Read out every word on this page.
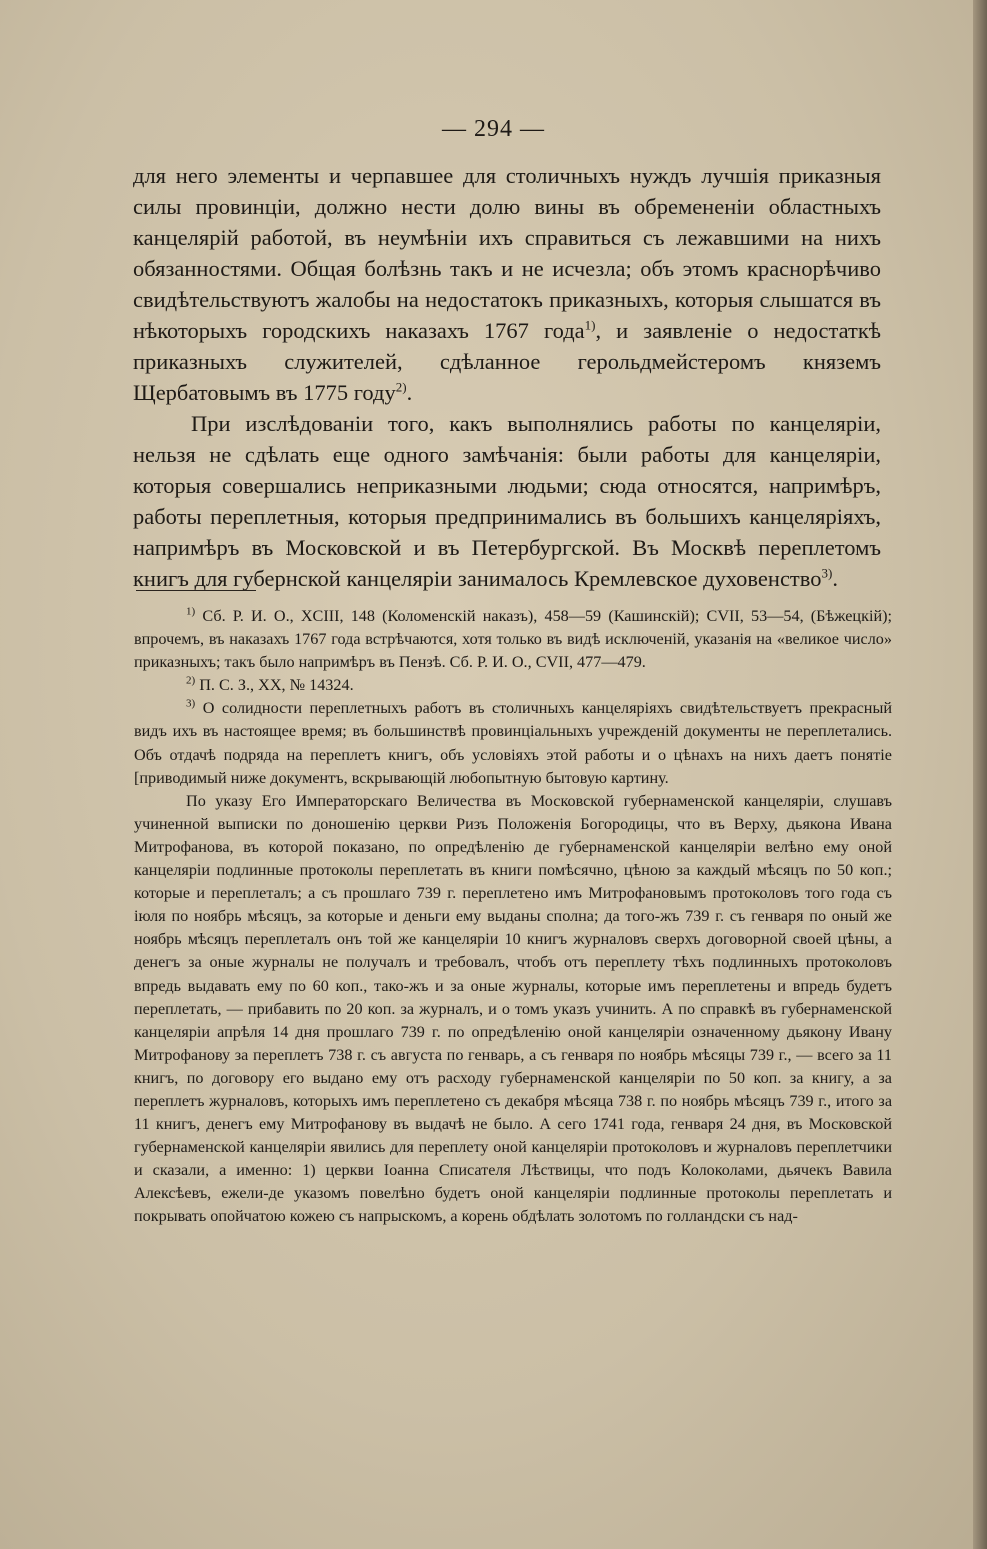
— 294 —

для него элементы и черпавшее для столичныхъ нуждъ лучшія приказныя силы провинціи, должно нести долю вины въ обремененіи областныхъ канцелярій работой, въ неумѣніи ихъ справиться съ лежавшими на нихъ обязанностями. Общая болѣзнь такъ и не исчезла; объ этомъ краснорѣчиво свидѣтельствуютъ жалобы на недостатокъ приказныхъ, которыя слышатся въ нѣкоторыхъ городскихъ наказахъ 1767 года$^{1)}$, и заявленіе о недостаткѣ приказныхъ служителей, сдѣланное герольдмейстеромъ княземъ Щербатовымъ въ 1775 году$^{2)}$.

При изслѣдованіи того, какъ выполнялись работы по канцеляріи, нельзя не сдѣлать еще одного замѣчанія: были работы для канцеляріи, которыя совершались неприказными людьми; сюда относятся, напримѣръ, работы переплетныя, которыя предпринимались въ большихъ канцеляріяхъ, напримѣръ въ Московской и въ Петербургской. Въ Москвѣ переплетомъ книгъ для губернской канцеляріи занималось Кремлевское духовенство$^{3)}$.

$^{1)}$ Сб. Р. И. О., XCIII, 148 (Коломенскій наказъ), 458—59 (Кашинскій); CVII, 53—54, (Бѣжецкій); впрочемъ, въ наказахъ 1767 года встрѣчаются, хотя только въ видѣ исключеній, указанія на «великое число» приказныхъ; такъ было напримѣръ въ Пензѣ. Сб. Р. И. О., CVII, 477—479.

$^{2)}$ П. С. З., XX, № 14324.

$^{3)}$ О солидности переплетныхъ работъ въ столичныхъ канцеляріяхъ свидѣтельствуетъ прекрасный видъ ихъ въ настоящее время; въ большинствѣ провинціальныхъ учрежденій документы не переплетались. Объ отдачѣ подряда на переплетъ книгъ, объ условіяхъ этой работы и о цѣнахъ на нихъ даетъ понятіе [приводимый ниже документъ, вскрывающій любопытную бытовую картину.

По указу Его Императорскаго Величества въ Московской губернаменской канцеляріи, слушавъ учиненной выписки по доношенію церкви Ризъ Положенія Богородицы, что въ Верху, дьякона Ивана Митрофанова, въ которой показано, по опредѣленію де губернаменской канцеляріи велѣно ему оной канцеляріи подлинные протоколы переплетать въ книги помѣсячно, цѣною за каждый мѣсяцъ по 50 коп.; которые и переплеталъ; а съ прошлаго 739 г. переплетено имъ Митрофановымъ протоколовъ того года съ іюля по ноябрь мѣсяцъ, за которые и деньги ему выданы сполна; да того-жъ 739 г. съ генваря по оный же ноябрь мѣсяцъ переплеталъ онъ той же канцеляріи 10 книгъ журналовъ сверхъ договорной своей цѣны, а денегъ за оные журналы не получалъ и требовалъ, чтобъ отъ переплету тѣхъ подлинныхъ протоколовъ впредь выдавать ему по 60 коп., тако-жъ и за оные журналы, которые имъ переплетены и впредь будетъ переплетать, — прибавить по 20 коп. за журналъ, и о томъ указъ учинить. А по справкѣ въ губернаменской канцеляріи апрѣля 14 дня прошлаго 739 г. по опредѣленію оной канцеляріи означенному дьякону Ивану Митрофанову за переплетъ 738 г. съ августа по генварь, а съ генваря по ноябрь мѣсяцы 739 г., — всего за 11 книгъ, по договору его выдано ему отъ расходу губернаменской канцеляріи по 50 коп. за книгу, а за переплетъ журналовъ, которыхъ имъ переплетено съ декабря мѣсяца 738 г. по ноябрь мѣсяцъ 739 г., итого за 11 книгъ, денегъ ему Митрофанову въ выдачѣ не было. А сего 1741 года, генваря 24 дня, въ Московской губернаменской канцеляріи явились для переплету оной канцеляріи протоколовъ и журналовъ переплетчики и сказали, а именно: 1) церкви Іоанна Списателя Лѣствицы, что подъ Колоколами, дьячекъ Вавила Алексѣевъ, ежели-де указомъ повелѣно будетъ оной канцеляріи подлинные протоколы переплетать и покрывать опойчатою кожею съ напрыскомъ, а корень обдѣлать золотомъ по голландски съ над-
